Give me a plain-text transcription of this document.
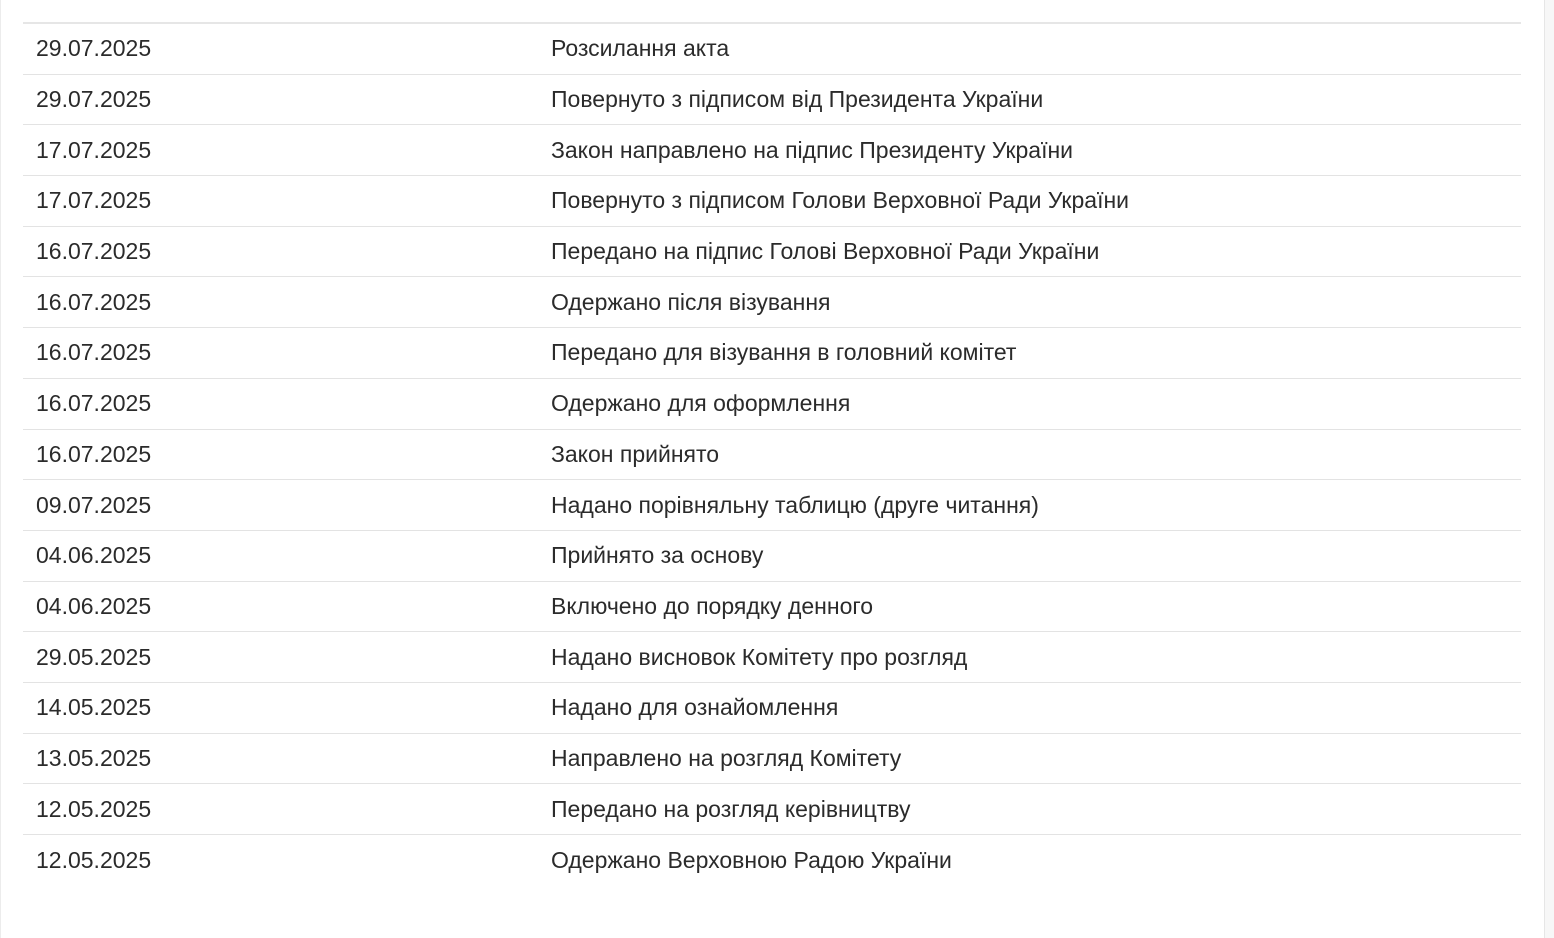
29.07.2025	Розсилання акта
29.07.2025	Повернуто з підписом від Президента України
17.07.2025	Закон направлено на підпис Президенту України
17.07.2025	Повернуто з підписом Голови Верховної Ради України
16.07.2025	Передано на підпис Голові Верховної Ради України
16.07.2025	Одержано після візування
16.07.2025	Передано для візування в головний комітет
16.07.2025	Одержано для оформлення
16.07.2025	Закон прийнято
09.07.2025	Надано порівняльну таблицю (друге читання)
04.06.2025	Прийнято за основу
04.06.2025	Включено до порядку денного
29.05.2025	Надано висновок Комітету про розгляд
14.05.2025	Надано для ознайомлення
13.05.2025	Направлено на розгляд Комітету
12.05.2025	Передано на розгляд керівництву
12.05.2025	Одержано Верховною Радою України
